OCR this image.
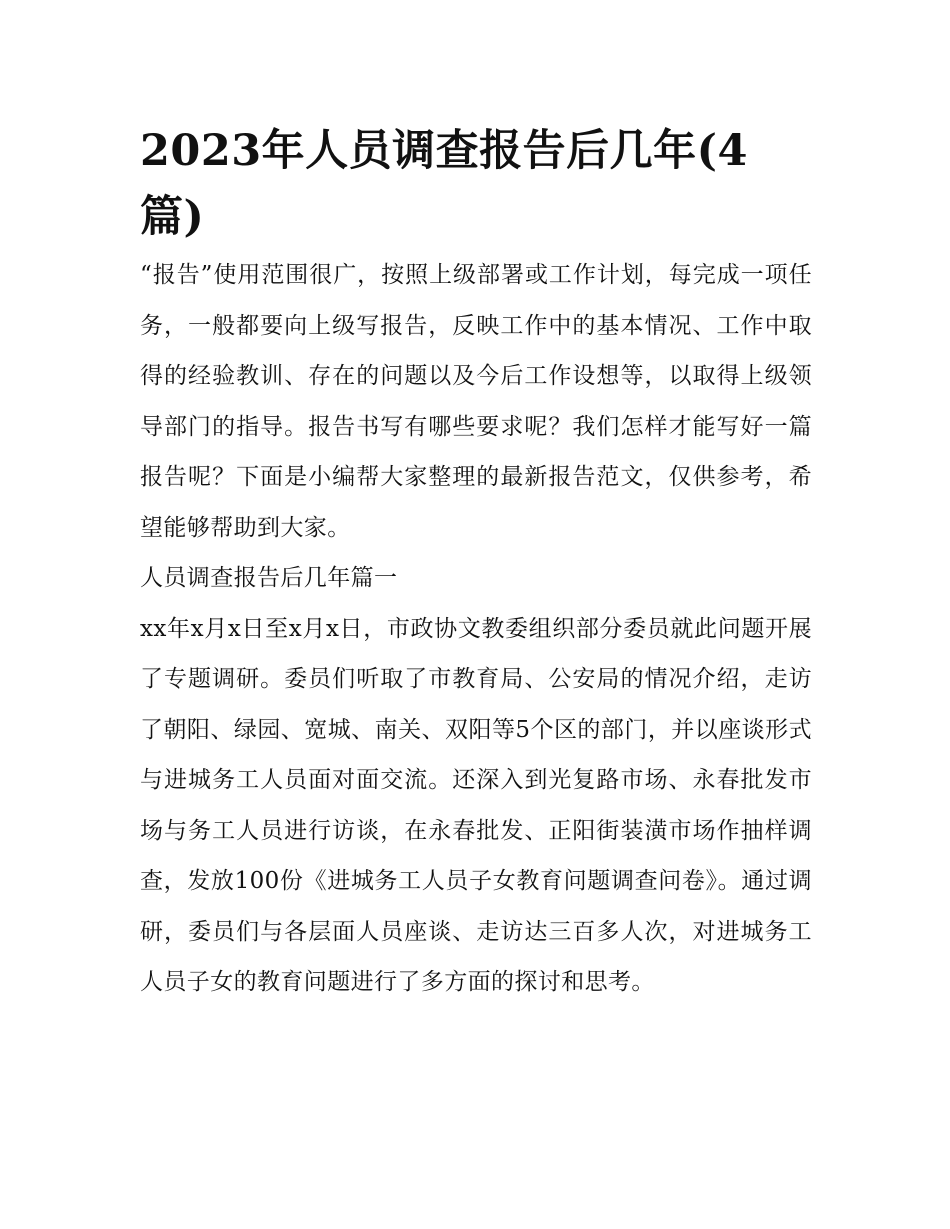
2023年人员调查报告后几年(4篇)

“报告”使用范围很广，按照上级部署或工作计划，每完成一项任务，一般都要向上级写报告，反映工作中的基本情况、工作中取得的经验教训、存在的问题以及今后工作设想等，以取得上级领导部门的指导。报告书写有哪些要求呢？我们怎样才能写好一篇报告呢？下面是小编帮大家整理的最新报告范文，仅供参考，希望能够帮助到大家。

人员调查报告后几年篇一

xx年x月x日至x月x日，市政协文教委组织部分委员就此问题开展了专题调研。委员们听取了市教育局、公安局的情况介绍，走访了朝阳、绿园、宽城、南关、双阳等5个区的部门，并以座谈形式与进城务工人员面对面交流。还深入到光复路市场、永春批发市场与务工人员进行访谈，在永春批发、正阳街装潢市场作抽样调查，发放100份《进城务工人员子女教育问题调查问卷》。通过调研，委员们与各层面人员座谈、走访达三百多人次，对进城务工人员子女的教育问题进行了多方面的探讨和思考。
